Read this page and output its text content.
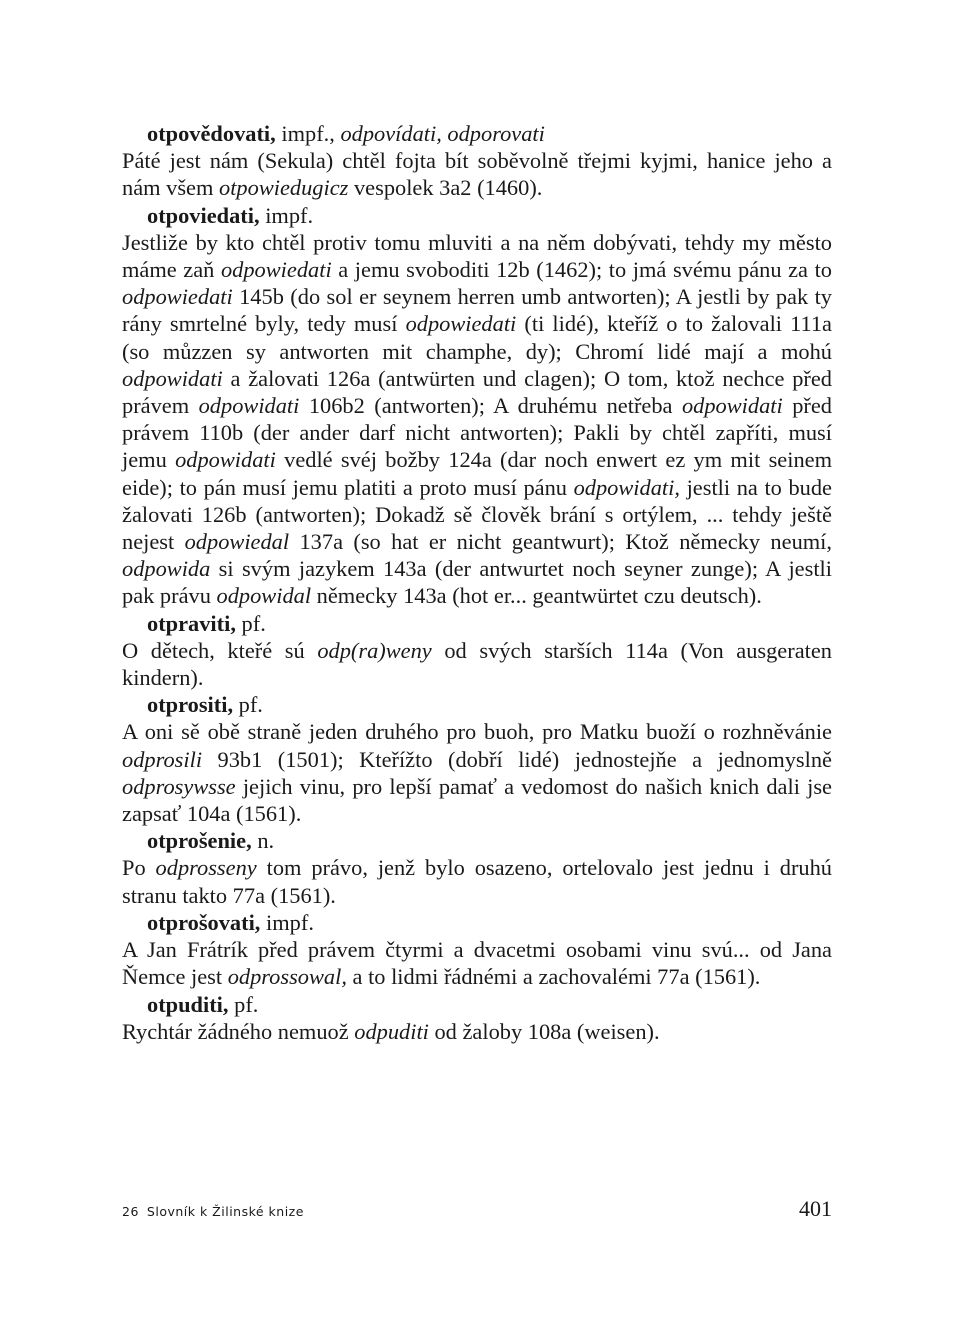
otpovědovati, impf., odpovídati, odporovati

Páté jest nám (Sekula) chtěl fojta bít soběvolně třejmi kyjmi, hanice jeho a nám všem otpowiedugicz vespolek 3a2 (1460).

otpoviedati, impf.

Jestliže by kto chtěl protiv tomu mluviti a na něm dobývati, tehdy my město máme zaň odpowiedati a jemu svoboditi 12b (1462); to jmá svému pánu za to odpowiedati 145b (do sol er seynem herren umb antworten); A jestli by pak ty rány smrtelné byly, tedy musí odpowiedati (ti lidé), kteříž o to žalovali 111a (so můzzen sy antworten mit champhe, dy); Chromí lidé mají a mohú odpowidati a žalovati 126a (antwürten und clagen); O tom, ktož nechce před právem odpowidati 106b2 (antworten); A druhému netřeba odpowidati před právem 110b (der ander darf nicht antworten); Pakli by chtěl zapříti, musí jemu odpowidati vedlé svéj božby 124a (dar noch enwert ez ym mit seinem eide); to pán musí jemu platiti a proto musí pánu odpowidati, jestli na to bude žalovati 126b (antworten); Dokadž sě člověk brání s ortýlem, ... tehdy ještě nejest odpowiedal 137a (so hat er nicht geantwurt); Ktož německy neumí, odpowida si svým jazykem 143a (der antwurtet noch seyner zunge); A jestli pak právu odpowidal německy 143a (hot er... geantwürtet czu deutsch).

otpraviti, pf.

O dětech, kteřé sú odp(ra)weny od svých starších 114a (Von ausgeraten kindern).

otprositi, pf.

A oni sě obě straně jeden druhého pro buoh, pro Matku buoží o rozhněvánie odprosili 93b1 (1501); Kteřížto (dobří lidé) jednostejňe a jednomyslně odprosywsse jejich vinu, pro lepší pamať a vedomost do našich knich dali jse zapsať 104a (1561).

otprošenie, n.

Po odprosseny tom právo, jenž bylo osazeno, ortelovalo jest jednu i druhú stranu takto 77a (1561).

otprošovati, impf.

A Jan Frátrík před právem čtyrmi a dvacetmi osobami vinu svú... od Jana Ňemce jest odprossowal, a to lidmi řádnémi a zachovalémi 77a (1561).

otpuditi, pf.

Rychtár žádného nemuož odpuditi od žaloby 108a (weisen).

26 Slovník k Žilinské knize	401
